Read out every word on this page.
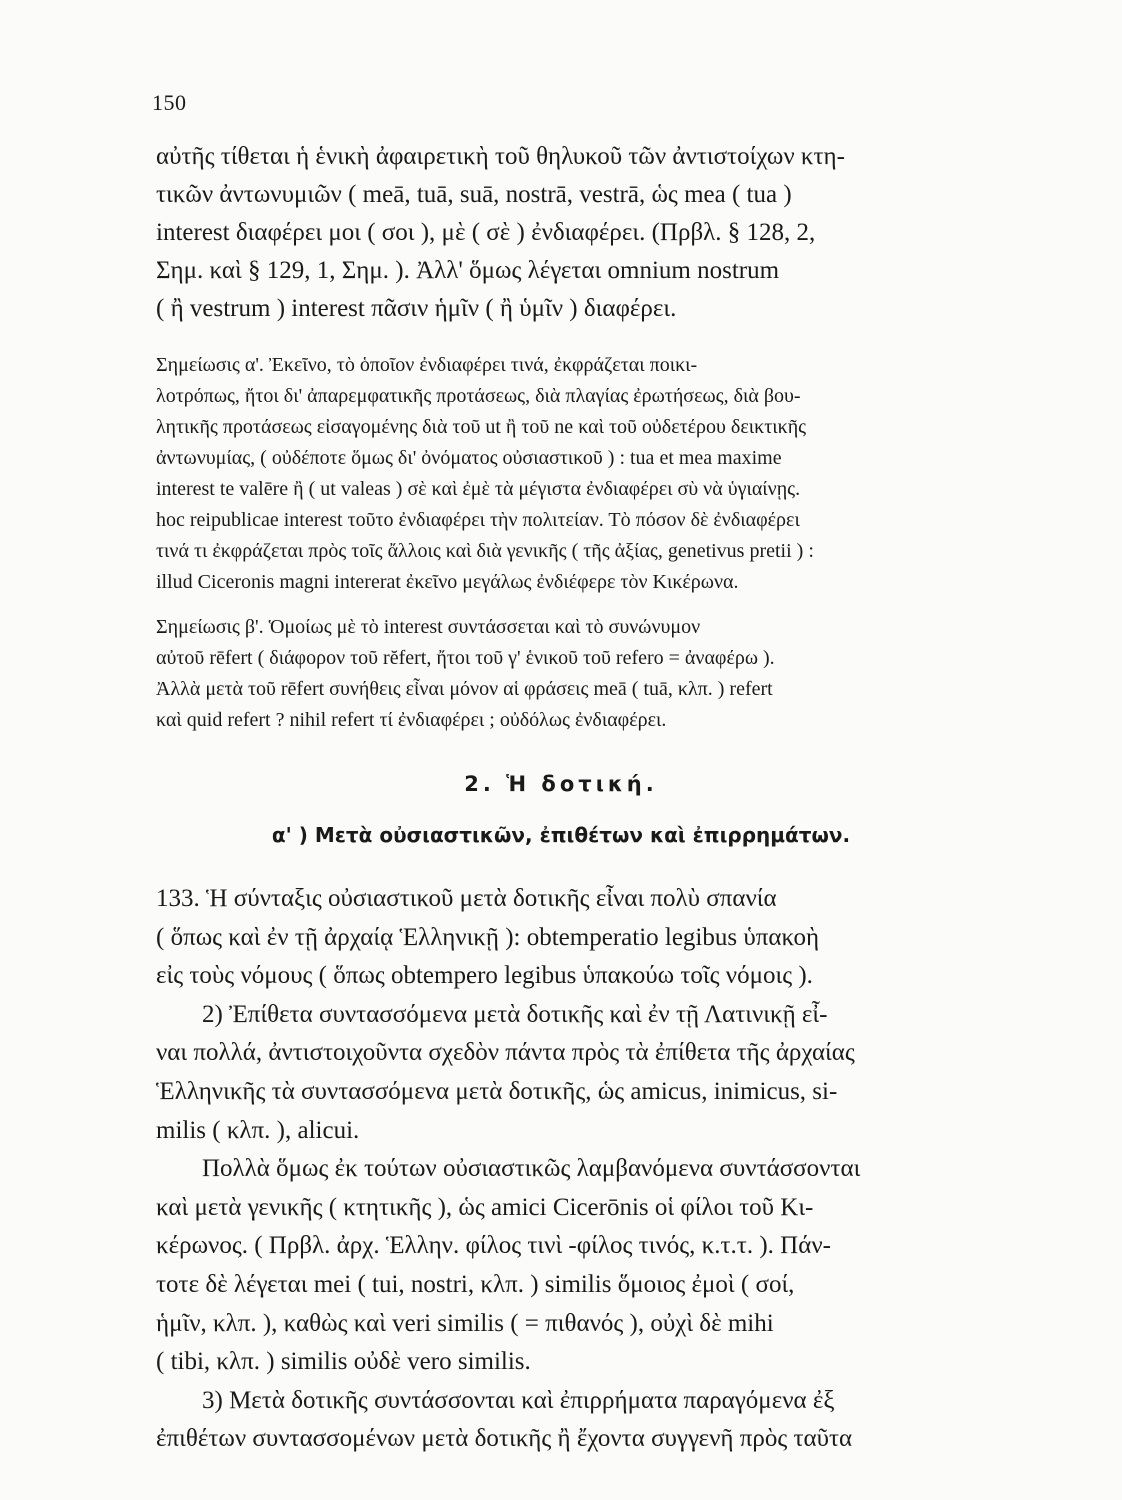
150
αὐτῆς τίθεται ἡ ἑνικὴ ἀφαιρετικὴ τοῦ θηλυκοῦ τῶν ἀντιστοίχων κτη-
τικῶν ἀντωνυμιῶν ( meā, tuā, suā, nostrā, vestrā, ὡς mea ( tua )
interest διαφέρει μοι ( σοι ), μὲ ( σὲ ) ἐνδιαφέρει. (Πρβλ. § 128, 2,
Σημ. καὶ § 129, 1, Σημ. ). Ἀλλ' ὅμως λέγεται omnium nostrum
( ἢ vestrum ) interest πᾶσιν ἡμῖν ( ἢ ὑμῖν ) διαφέρει.
Σημείωσις α'. Ἐκεῖνο, τὸ ὁποῖον ἐνδιαφέρει τινά, ἐκφράζεται ποικι-
λοτρόπως, ἤτοι δι' ἀπαρεμφατικῆς προτάσεως, διὰ πλαγίας ἐρωτήσεως, διὰ βου-
λητικῆς προτάσεως εἰσαγομένης διὰ τοῦ ut ἢ τοῦ ne καὶ τοῦ οὐδετέρου δεικτικῆς
ἀντωνυμίας, ( οὐδέποτε ὅμως δι' ὀνόματος οὐσιαστικοῦ ) : tua et mea maxime
interest te valēre ἢ ( ut valeas ) σὲ καὶ ἐμὲ τὰ μέγιστα ἐνδιαφέρει σὺ νὰ ὑγιαίνῃς.
hoc reipublicae interest τοῦτο ἐνδιαφέρει τὴν πολιτείαν. Τὸ πόσον δὲ ἐνδιαφέρει
τινά τι ἐκφράζεται πρὸς τοῖς ἄλλοις καὶ διὰ γενικῆς ( τῆς ἀξίας, genetivus pretii ) :
illud Ciceronis magni intererat ἐκεῖνο μεγάλως ἐνδιέφερε τὸν Κικέρωνα.
Σημείωσις β'. Ὁμοίως μὲ τὸ interest συντάσσεται καὶ τὸ συνώνυμον
αὐτοῦ rēfert ( διάφορον τοῦ rĕfert, ἤτοι τοῦ γ' ἑνικοῦ τοῦ refero = ἀναφέρω ).
Ἀλλὰ μετὰ τοῦ rēfert συνήθεις εἶναι μόνον αἱ φράσεις meā ( tuā, κλπ. ) refert
καὶ quid refert ? nihil refert τί ἐνδιαφέρει ; οὐδόλως ἐνδιαφέρει.
2. Ἡ δοτική.
α' ) Μετὰ οὐσιαστικῶν, ἐπιθέτων καὶ ἐπιρρημάτων.
133. Ἡ σύνταξις οὐσιαστικοῦ μετὰ δοτικῆς εἶναι πολὺ σπανία
( ὅπως καὶ ἐν τῇ ἀρχαίᾳ Ἑλληνικῇ ): obtemperatio legibus ὑπακοὴ
εἰς τοὺς νόμους ( ὅπως obtempero legibus ὑπακούω τοῖς νόμοις ).
2) Ἐπίθετα συντασσόμενα μετὰ δοτικῆς καὶ ἐν τῇ Λατινικῇ εἶ-
ναι πολλά, ἀντιστοιχοῦντα σχεδὸν πάντα πρὸς τὰ ἐπίθετα τῆς ἀρχαίας
Ἑλληνικῆς τὰ συντασσόμενα μετὰ δοτικῆς, ὡς amicus, inimicus, si-
milis ( κλπ. ), alicui.
Πολλὰ ὅμως ἐκ τούτων οὐσιαστικῶς λαμβανόμενα συντάσσονται
καὶ μετὰ γενικῆς ( κτητικῆς ), ὡς amici Cicerōnis οἱ φίλοι τοῦ Κι-
κέρωνος. ( Πρβλ. ἀρχ. Ἑλλην. φίλος τινὶ -φίλος τινός, κ.τ.τ. ). Πάν-
τοτε δὲ λέγεται mei ( tui, nostri, κλπ. ) similis ὅμοιος ἐμοὶ ( σοί,
ἡμῖν, κλπ. ), καθὼς καὶ veri similis ( = πιθανός ), οὐχὶ δὲ mihi
( tibi, κλπ. ) similis οὐδὲ vero similis.
3) Μετὰ δοτικῆς συντάσσονται καὶ ἐπιρρήματα παραγόμενα ἐξ
ἐπιθέτων συντασσομένων μετὰ δοτικῆς ἢ ἔχοντα συγγενῆ πρὸς ταῦτα
